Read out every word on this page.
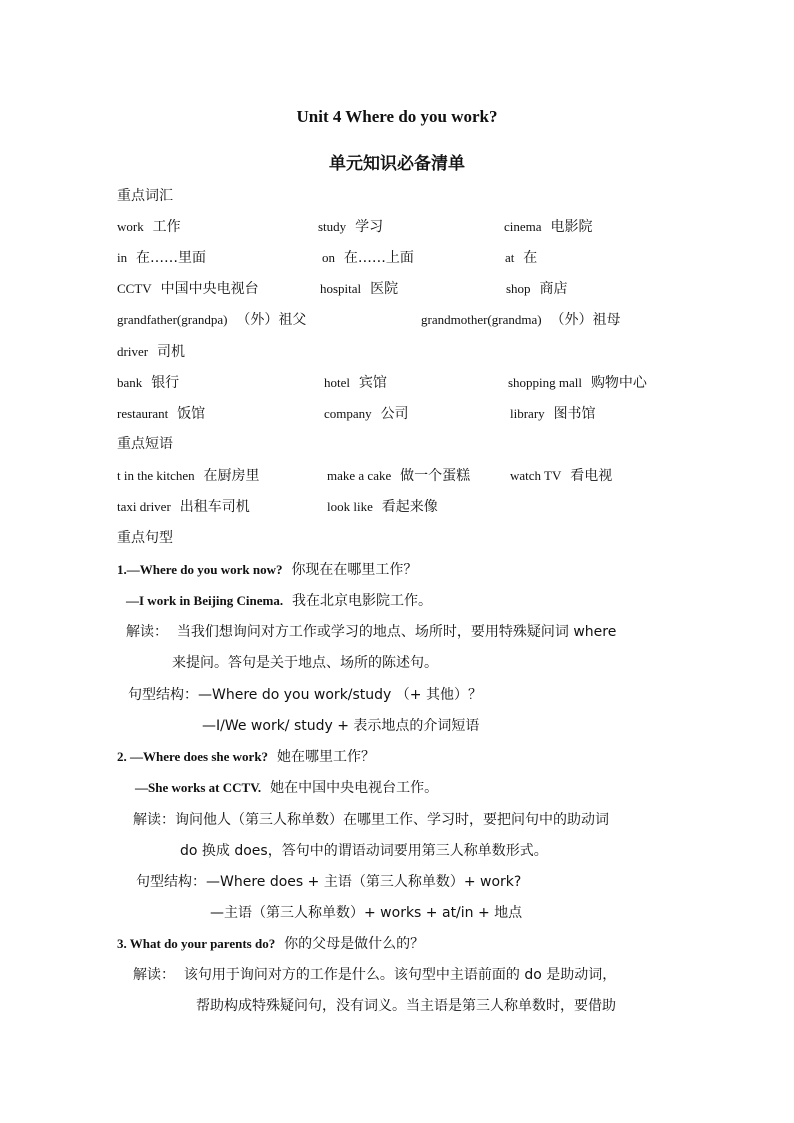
Unit 4 Where do you work?
单元知识必备清单
重点词汇
work 工作	study 学习	cinema 电影院
in 在……里面	on 在……上面	at 在
CCTV 中国中央电视台	hospital 医院	shop 商店
grandfather(grandpa) （外）祖父	grandmother(grandma) （外）祖母
driver 司机
bank 银行	hotel 宾馆	shopping mall 购物中心
restaurant 饭馆	company 公司	library 图书馆
重点短语
t in the kitchen 在厨房里	make a cake 做一个蛋糕	watch TV 看电视
taxi driver 出租车司机	look like 看起来像
重点句型
1.—Where do you work now? 你现在在哪里工作？
—I work in Beijing Cinema. 我在北京电影院工作。
解读： 当我们想询问对方工作或学习的地点、场所时，要用特殊疑问词 where
来提问。答句是关于地点、场所的陈述句。
句型结构：—Where do you work/study （+ 其他）？
—I/We work/ study + 表示地点的介词短语
2. —Where does she work? 她在哪里工作？
—She works at CCTV. 她在中国中央电视台工作。
解读：询问他人（第三人称单数）在哪里工作、学习时，要把问句中的助动词
do 换成 does，答句中的谓语动词要用第三人称单数形式。
句型结构：—Where does + 主语（第三人称单数）+ work?
—主语（第三人称单数）+ works + at/in + 地点
3. What do your parents do? 你的父母是做什么的？
解读： 该句用于询问对方的工作是什么。该句型中主语前面的 do 是助动词，
帮助构成特殊疑问句，没有词义。当主语是第三人称单数时，要借助
